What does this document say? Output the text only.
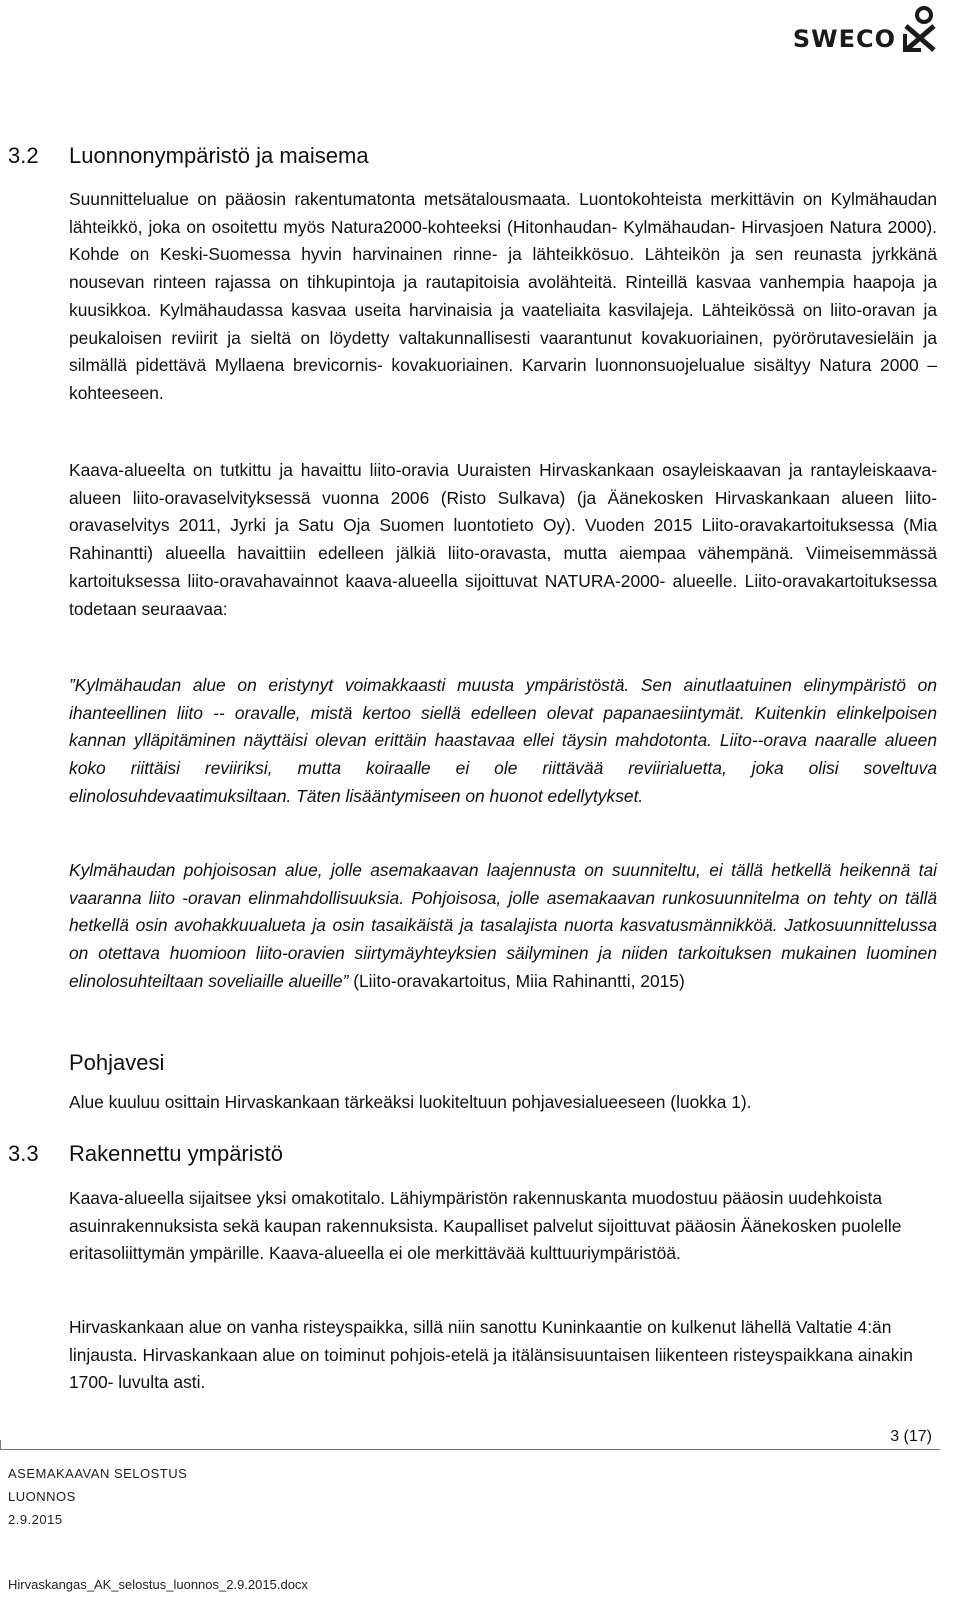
SWECO
3.2 Luonnonympäristö ja maisema

Suunnittelualue on pääosin rakentumatonta metsätalousmaata. Luontokohteista merkittävin on Kylmähaudan lähteikkö, joka on osoitettu myös Natura2000-kohteeksi (Hitonhaudan- Kylmähaudan- Hirvasjoen Natura 2000). Kohde on Keski-Suomessa hyvin harvinainen rinne- ja lähteikkösuo. Lähteikön ja sen reunasta jyrkkänä nousevan rinteen rajassa on tihkupintoja ja rautapitoisia avolähteitä. Rinteillä kasvaa vanhempia haapoja ja kuusikkoa. Kylmähaudassa kasvaa useita harvinaisia ja vaateliaita kasvilajeja. Lähteikössä on liito-oravan ja peukaloisen reviirit ja sieltä on löydetty valtakunnallisesti vaarantunut kovakuoriainen, pyörörutavesieläin ja silmällä pidettävä Myllaena brevicornis- kovakuoriainen. Karvarin luonnonsuojelualue sisältyy Natura 2000 – kohteeseen.

Kaava-alueelta on tutkittu ja havaittu liito-oravia Uuraisten Hirvaskankaan osayleiskaavan ja rantayleiskaava-alueen liito-oravaselvityksessä vuonna 2006 (Risto Sulkava) (ja Äänekosken Hirvaskankaan alueen liito-oravaselvitys 2011, Jyrki ja Satu Oja Suomen luontotieto Oy). Vuoden 2015 Liito-oravakartoituksessa (Mia Rahinantti) alueella havaittiin edelleen jälkiä liito-oravasta, mutta aiempaa vähempänä. Viimeisemmässä kartoituksessa liito-oravahavainnot kaava-alueella sijoittuvat NATURA-2000- alueelle. Liito-oravakartoituksessa todetaan seuraavaa:

”Kylmähaudan alue on eristynyt voimakkaasti muusta ympäristöstä. Sen ainutlaatuinen elinympäristö on ihanteellinen liito -- oravalle, mistä kertoo siellä edelleen olevat papanaesiintymät. Kuitenkin elinkelpoisen kannan ylläpitäminen näyttäisi olevan erittäin haastavaa ellei täysin mahdotonta. Liito--orava naaralle alueen koko riittäisi reviiriksi, mutta koiraalle ei ole riittävää reviirialuetta, joka olisi soveltuva elinolosuhdevaatimuksiltaan. Täten lisääntymiseen on huonot edellytykset.

Kylmähaudan pohjoisosan alue, jolle asemakaavan laajennusta on suunniteltu, ei tällä hetkellä heikennä tai vaaranna liito -oravan elinmahdollisuuksia. Pohjoisosa, jolle asemakaavan runkosuunnitelma on tehty on tällä hetkellä osin avohakkuualueta ja osin tasaikäistä ja tasalajista nuorta kasvatusmännikköä. Jatkosuunnittelussa on otettava huomioon liito-oravien siirtymäyhteyksien säilyminen ja niiden tarkoituksen mukainen luominen elinolosuhteiltaan soveliaille alueille” (Liito-oravakartoitus, Miia Rahinantti, 2015)

Pohjavesi

Alue kuuluu osittain Hirvaskankaan tärkeäksi luokiteltuun pohjavesialueeseen (luokka 1).

3.3 Rakennettu ympäristö

Kaava-alueella sijaitsee yksi omakotitalo. Lähiympäristön rakennuskanta muodostuu pääosin uudehkoista asuinrakennuksista sekä kaupan rakennuksista. Kaupalliset palvelut sijoittuvat pääosin Äänekosken puolelle eritasoliittymän ympärille. Kaava-alueella ei ole merkittävää kulttuuriympäristöä.

Hirvaskankaan alue on vanha risteyspaikka, sillä niin sanottu Kuninkaantie on kulkenut lähellä Valtatie 4:än linjausta. Hirvaskankaan alue on toiminut pohjois-etelä ja itälänsisuuntaisen liikenteen risteyspaikkana ainakin 1700- luvulta asti.

3 (17)
ASEMAKAAVAN SELOSTUS
LUONNOS
2.9.2015
Hirvaskangas_AK_selostus_luonnos_2.9.2015.docx
